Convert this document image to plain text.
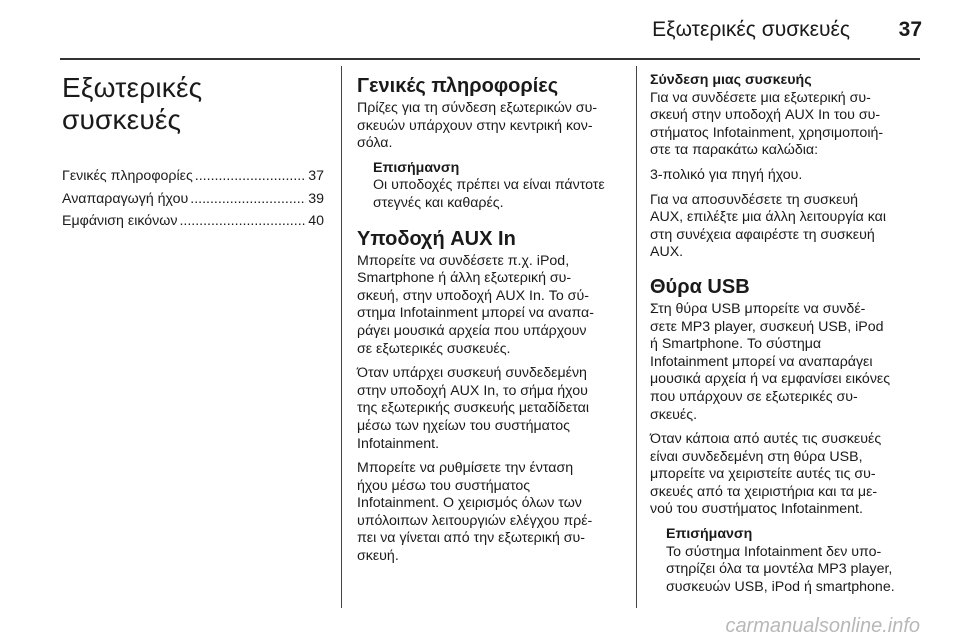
Εξωτερικές συσκευές 37
Εξωτερικές συσκευές
Γενικές πληροφορίες .....	37
Αναπαραγωγή ήχου .....	39
Εμφάνιση εικόνων .....	40
Γενικές πληροφορίες

Πρίζες για τη σύνδεση εξωτερικών συ-
σκευών υπάρχουν στην κεντρική κον-
σόλα.

Επισήμανση
Οι υποδοχές πρέπει να είναι πάντοτε
στεγνές και καθαρές.
Υποδοχή AUX In

Μπορείτε να συνδέσετε π.χ. iPod,
Smartphone ή άλλη εξωτερική συ-
σκευή, στην υποδοχή AUX In. Το σύ-
στημα Infotainment μπορεί να αναπα-
ράγει μουσικά αρχεία που υπάρχουν
σε εξωτερικές συσκευές.

Όταν υπάρχει συσκευή συνδεδεμένη
στην υποδοχή AUX In, το σήμα ήχου
της εξωτερικής συσκευής μεταδίδεται
μέσω των ηχείων του συστήματος
Infotainment.

Μπορείτε να ρυθμίσετε την ένταση
ήχου μέσω του συστήματος
Infotainment. Ο χειρισμός όλων των
υπόλοιπων λειτουργιών ελέγχου πρέ-
πει να γίνεται από την εξωτερική συ-
σκευή.

Σύνδεση μιας συσκευής

Για να συνδέσετε μια εξωτερική συ-
σκευή στην υποδοχή AUX In του συ-
στήματος Infotainment, χρησιμοποιή-
στε τα παρακάτω καλώδια:

3-πολικό για πηγή ήχου.

Για να αποσυνδέσετε τη συσκευή
AUX, επιλέξτε μια άλλη λειτουργία και
στη συνέχεια αφαιρέστε τη συσκευή
AUX.

Θύρα USB

Στη θύρα USB μπορείτε να συνδέ-
σετε MP3 player, συσκευή USB, iPod
ή Smartphone. Το σύστημα
Infotainment μπορεί να αναπαράγει
μουσικά αρχεία ή να εμφανίσει εικόνες
που υπάρχουν σε εξωτερικές συ-
σκευές.

Όταν κάποια από αυτές τις συσκευές
είναι συνδεδεμένη στη θύρα USB,
μπορείτε να χειριστείτε αυτές τις συ-
σκευές από τα χειριστήρια και τα με-
νού του συστήματος Infotainment.

Επισήμανση
Το σύστημα Infotainment δεν υπο-
στηρίζει όλα τα μοντέλα MP3 player,
συσκευών USB, iPod ή smartphone.
carmanualsonline.info
